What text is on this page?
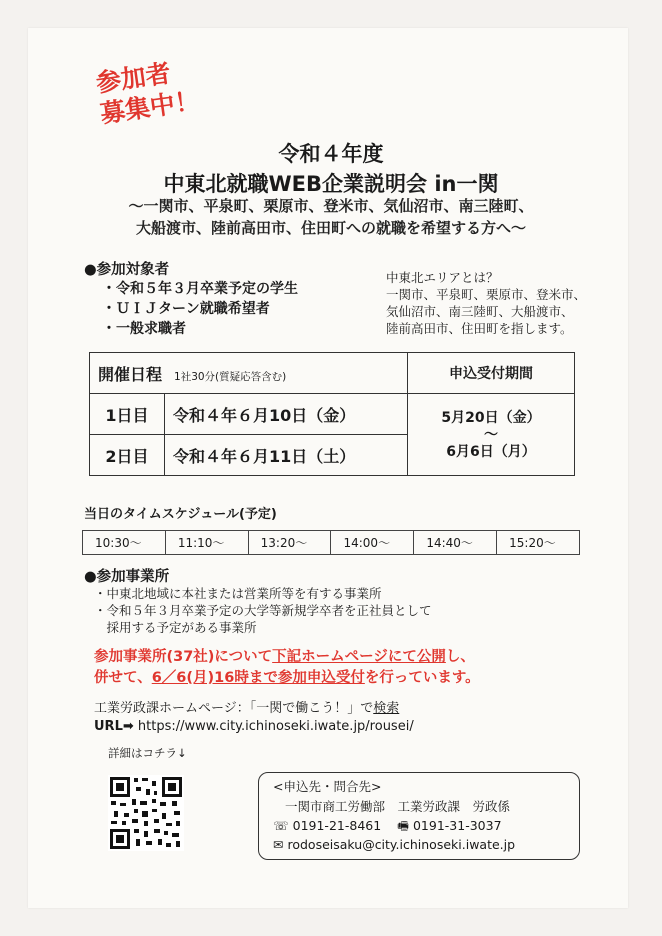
参加者
募集中！
令和４年度
中東北就職WEB企業説明会 in一関
～一関市、平泉町、栗原市、登米市、気仙沼市、南三陸町、
大船渡市、陸前高田市、住田町への就職を希望する方へ～
●参加対象者
・令和５年３月卒業予定の学生
・ＵＩＪターン就職希望者
・一般求職者
中東北エリアとは？
一関市、平泉町、栗原市、登米市、
気仙沼市、南三陸町、大船渡市、
陸前高田市、住田町を指します。
開催日程 1社30分(質疑応答含む)		申込受付期間
1日目	令和４年６月10日（金）	5月20日（金）
～
6月6日（月）

2日目	令和４年６月11日（土）	
当日のタイムスケジュール(予定)
10:30～	11:10～	13:20～	14:00～	14:40～	15:20～
●参加事業所
・中東北地域に本社または営業所等を有する事業所
・令和５年３月卒業予定の大学等新規学卒者を正社員として
　採用する予定がある事業所
参加事業所(37社)について下記ホームページにて公開し、
併せて、6／6(月)16時まで参加申込受付を行っています。
工業労政課ホームページ：「一関で働こう！」で検索
URL➡ https://www.city.ichinoseki.iwate.jp/rousei/
詳細はコチラ↓
<申込先・問合先>
一関市商工労働部　工業労政課　労政係
☏ 0191-21-8461 🖷 0191-31-3037
✉ rodoseisaku@city.ichinoseki.iwate.jp
